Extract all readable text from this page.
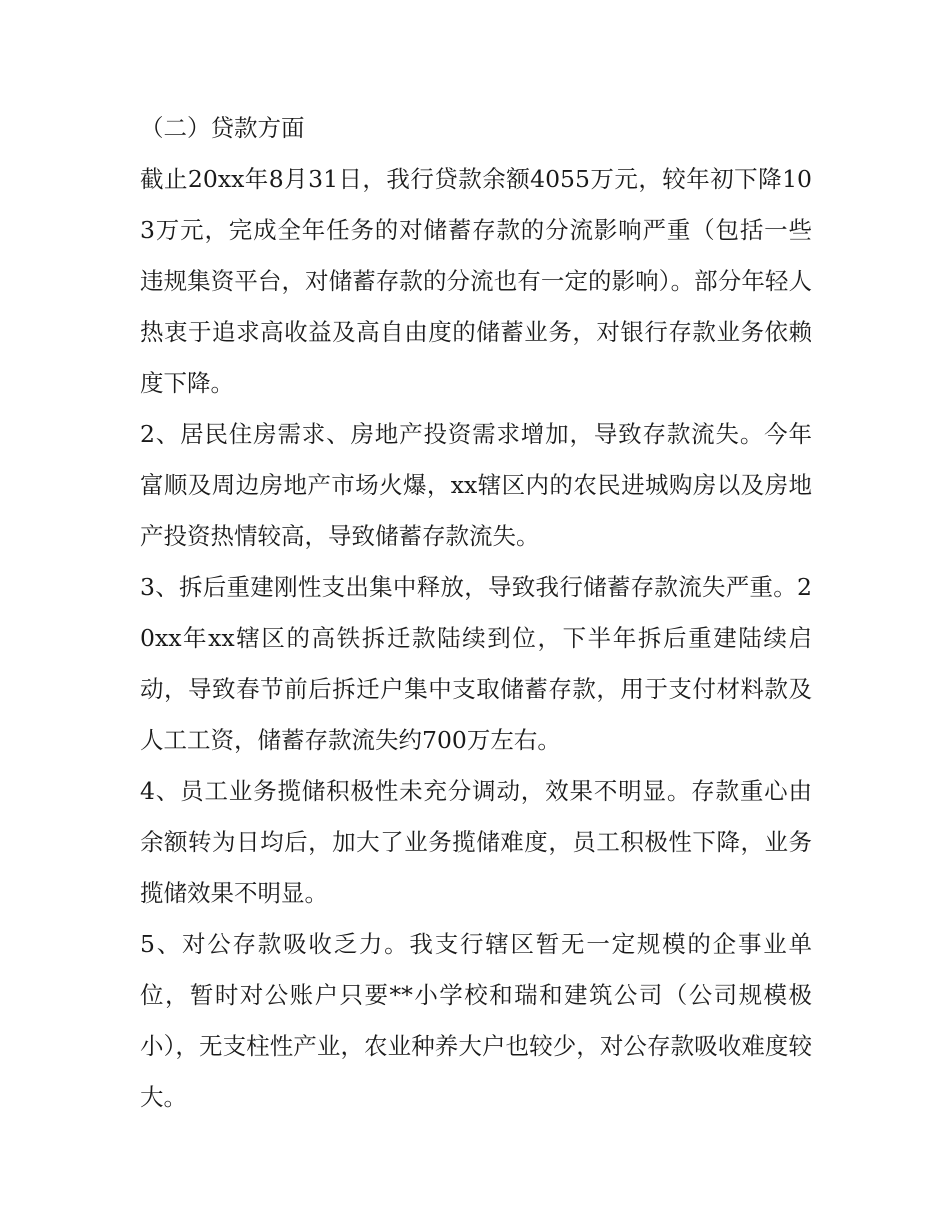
（二）贷款方面

截止20xx年8月31日，我行贷款余额4055万元，较年初下降103万元，完成全年任务的对储蓄存款的分流影响严重（包括一些违规集资平台，对储蓄存款的分流也有一定的影响）。部分年轻人热衷于追求高收益及高自由度的储蓄业务，对银行存款业务依赖度下降。

2、居民住房需求、房地产投资需求增加，导致存款流失。今年富顺及周边房地产市场火爆，xx辖区内的农民进城购房以及房地产投资热情较高，导致储蓄存款流失。

3、拆后重建刚性支出集中释放，导致我行储蓄存款流失严重。20xx年xx辖区的高铁拆迁款陆续到位，下半年拆后重建陆续启动，导致春节前后拆迁户集中支取储蓄存款，用于支付材料款及人工工资，储蓄存款流失约700万左右。

4、员工业务揽储积极性未充分调动，效果不明显。存款重心由余额转为日均后，加大了业务揽储难度，员工积极性下降，业务揽储效果不明显。

5、对公存款吸收乏力。我支行辖区暂无一定规模的企事业单位，暂时对公账户只要**小学校和瑞和建筑公司（公司规模极小），无支柱性产业，农业种养大户也较少，对公存款吸收难度较大。
